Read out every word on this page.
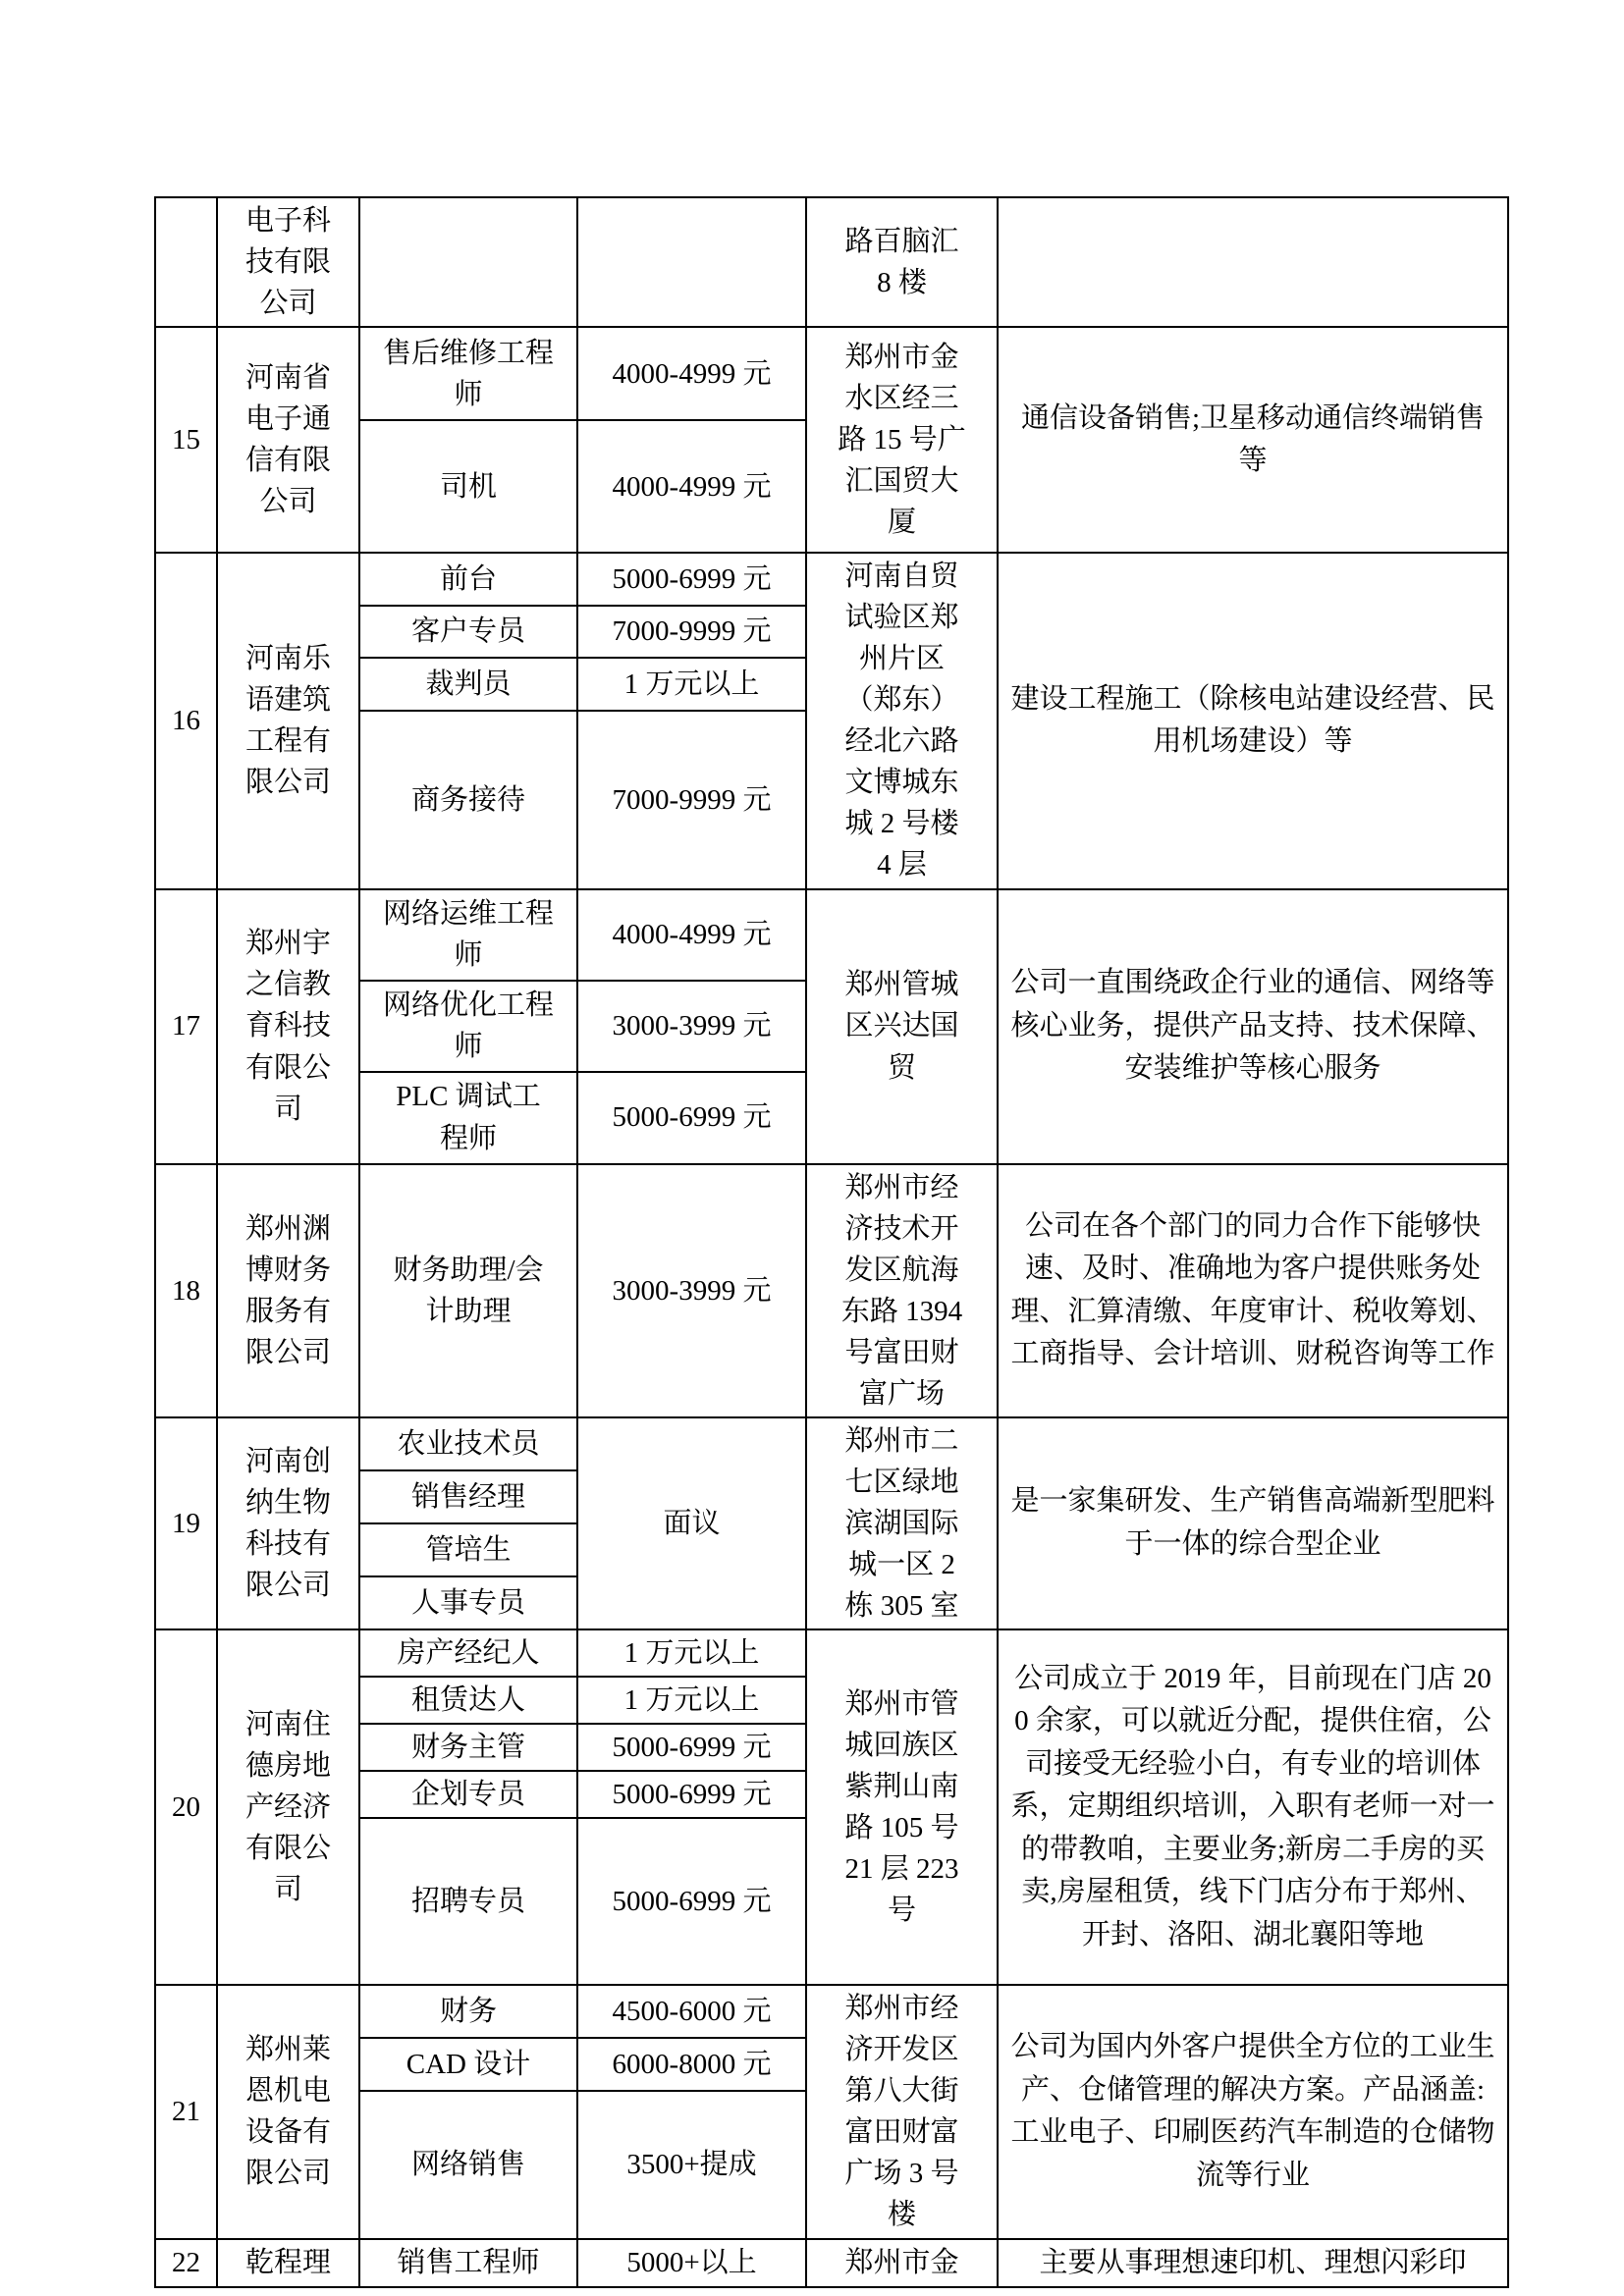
	电子科技有限公司			路百脑汇 8 楼	
15	河南省电子通信有限公司	售后维修工程师	4000-4999 元	郑州市金水区经三路 15 号广汇国贸大厦	通信设备销售;卫星移动通信终端销售等
		司机	4000-4999 元		
16	河南乐语建筑工程有限公司	前台	5000-6999 元	河南自贸试验区郑州片区（郑东）经北六路文博城东城 2 号楼 4 层	建设工程施工（除核电站建设经营、民用机场建设）等
		客户专员	7000-9999 元		
		裁判员	1 万元以上		
		商务接待	7000-9999 元		
17	郑州宇之信教育科技有限公司	网络运维工程师	4000-4999 元	郑州管城区兴达国贸	公司一直围绕政企行业的通信、网络等核心业务，提供产品支持、技术保障、安装维护等核心服务
		网络优化工程师	3000-3999 元		
		PLC 调试工程师	5000-6999 元		
18	郑州渊博财务服务有限公司	财务助理/会计助理	3000-3999 元	郑州市经济技术开发区航海东路 1394 号富田财富广场	公司在各个部门的同力合作下能够快速、及时、准确地为客户提供账务处理、汇算清缴、年度审计、税收筹划、工商指导、会计培训、财税咨询等工作
19	河南创纳生物科技有限公司	农业技术员	面议	郑州市二七区绿地滨湖国际城一区 2 栋 305 室	是一家集研发、生产销售高端新型肥料于一体的综合型企业
		销售经理			
		管培生			
		人事专员			
20	河南住德房地产经济有限公司	房产经纪人	1 万元以上	郑州市管城回族区紫荆山南路 105 号 21 层 223 号	公司成立于 2019 年，目前现在门店 200 余家，可以就近分配，提供住宿，公司接受无经验小白，有专业的培训体系，定期组织培训，入职有老师一对一的带教咱，主要业务;新房二手房的买卖,房屋租赁，线下门店分布于郑州、开封、洛阳、湖北襄阳等地
		租赁达人	1 万元以上		
		财务主管	5000-6999 元		
		企划专员	5000-6999 元		
		招聘专员	5000-6999 元		
21	郑州莱恩机电设备有限公司	财务	4500-6000 元	郑州市经济开发区第八大街富田财富广场 3 号楼	公司为国内外客户提供全方位的工业生产、仓储管理的解决方案。产品涵盖: 工业电子、印刷医药汽车制造的仓储物流等行业
		CAD 设计	6000-8000 元		
		网络销售	3500+提成		
22	乾程理	销售工程师	5000+以上	郑州市金	主要从事理想速印机、理想闪彩印
